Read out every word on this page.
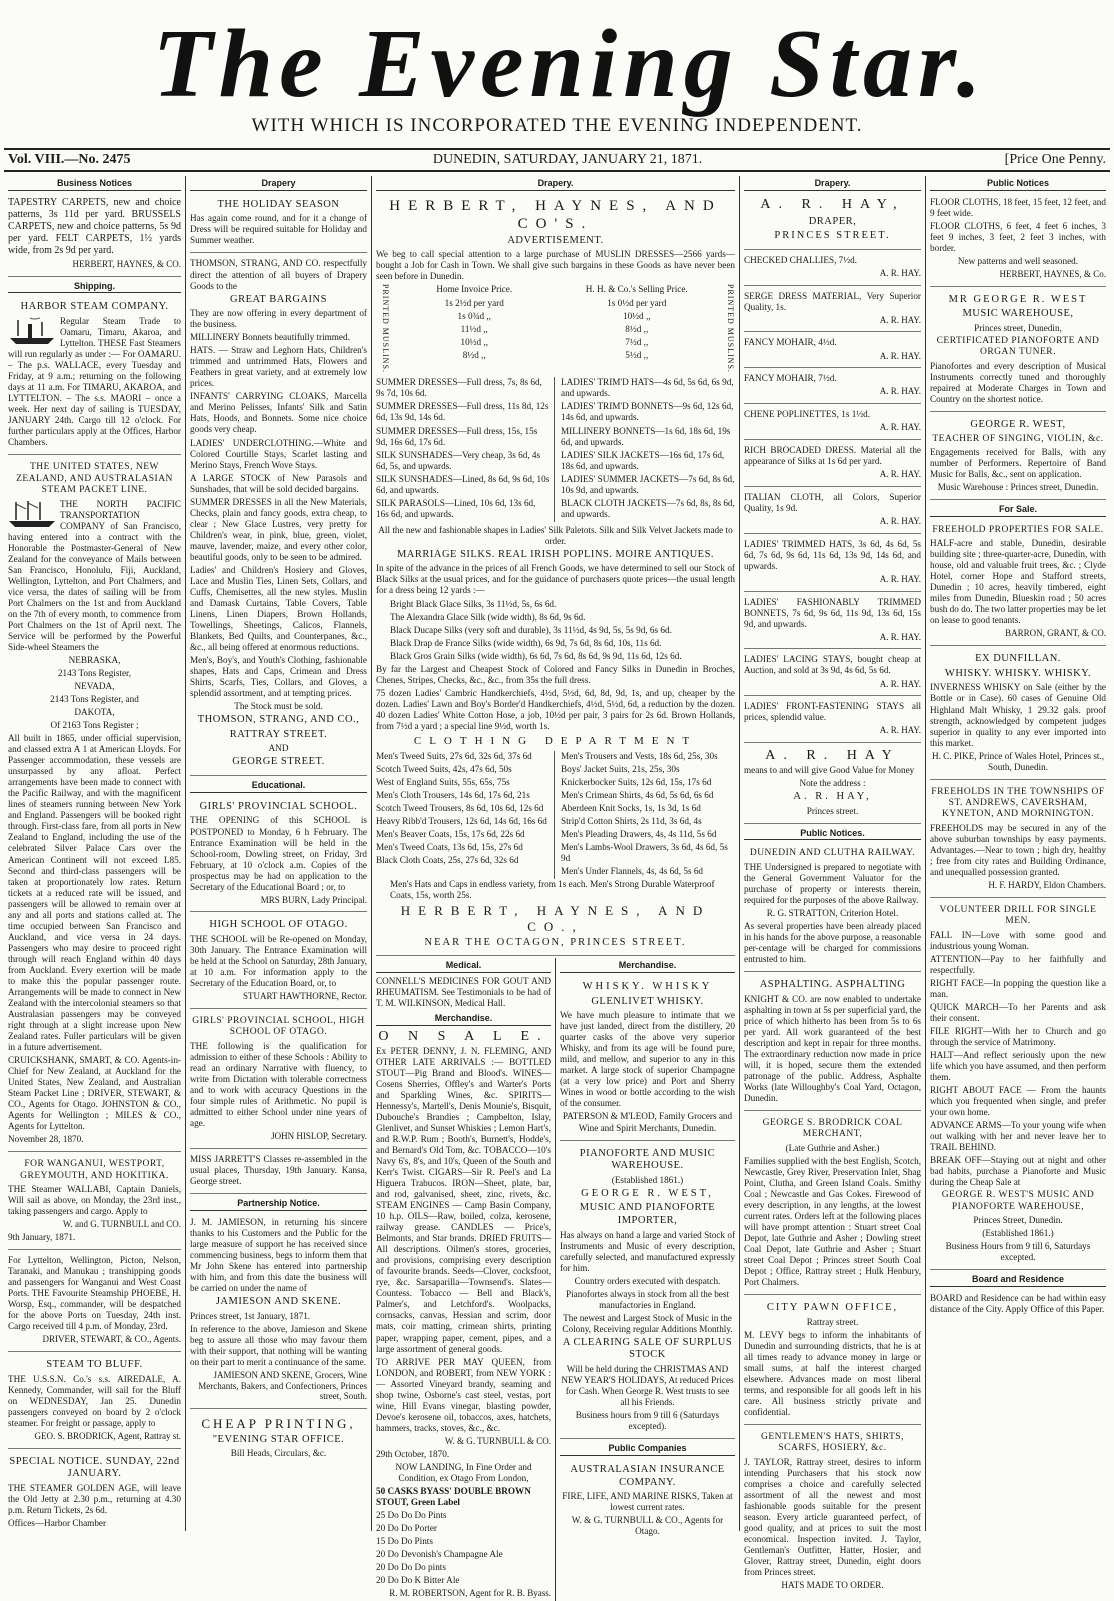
The Evening Star.
WITH WHICH IS INCORPORATED THE EVENING INDEPENDENT.
Vol. VIII.—No. 2475	DUNEDIN, SATURDAY, JANUARY 21, 1871.	[Price One Penny.
Business Notices

TAPESTRY CARPETS, new and choice patterns, 3s 11d per yard. BRUSSELS CARPETS, new and choice patterns, 5s 9d per yard. FELT CARPETS, 1½ yards wide, from 2s 9d per yard.

HERBERT, HAYNES, & CO.

Shipping.
HARBOR STEAM COMPANY.

Regular Steam Trade to Oamaru, Timaru, Akaroa, and Lyttelton. THESE Fast Steamers will run regularly as under :— For OAMARU. – The p.s. WALLACE, every Tuesday and Friday, at 9 a.m.; returning on the following days at 11 a.m. For TIMARU, AKAROA, and LYTTELTON. – The s.s. MAORI – once a week. Her next day of sailing is TUESDAY, JANUARY 24th. Cargo till 12 o'clock. For further particulars apply at the Offices, Harbor Chambers.

THE UNITED STATES, NEW ZEALAND, AND AUSTRALASIAN STEAM PACKET LINE.

THE NORTH PACIFIC TRANSPORTATION COMPANY of San Francisco, having entered into a contract with the Honorable the Postmaster-General of New Zealand for the conveyance of Mails between San Francisco, Honolulu, Fiji, Auckland, Wellington, Lyttelton, and Port Chalmers, and vice versa, the dates of sailing will be from Port Chalmers on the 1st and from Auckland on the 7th of every month, to commence from Port Chalmers on the 1st of April next. The Service will be performed by the Powerful Side-wheel Steamers the

NEBRASKA,

2143 Tons Register,

NEVADA,

2143 Tons Register, and

DAKOTA,

Of 2163 Tons Register ;

All built in 1865, under official supervision, and classed extra A 1 at American Lloyds. For Passenger accommodation, these vessels are unsurpassed by any afloat. Perfect arrangements have been made to connect with the Pacific Railway, and with the magnificent lines of steamers running between New York and England. Passengers will be booked right through. First-class fare, from all ports in New Zealand to England, including the use of the celebrated Silver Palace Cars over the American Continent will not exceed L85. Second and third-class passengers will be taken at proportionately low rates. Return tickets at a reduced rate will be issued, and passengers will be allowed to remain over at any and all ports and stations called at. The time occupied between San Francisco and Auckland, and vice versa in 24 days. Passengers who may desire to proceed right through will reach England within 40 days from Auckland. Every exertion will be made to make this the popular passenger route. Arrangements will be made to connect in New Zealand with the intercolonial steamers so that Australasian passengers may be conveyed right through at a slight increase upon New Zealand rates. Fuller particulars will be given in a future advertisement.

CRUICKSHANK, SMART, & CO. Agents-in-Chief for New Zealand, at Auckland for the United States, New Zealand, and Australian Steam Packet Line ; DRIVER, STEWART, & CO., Agents for Otago. JOHNSTON & CO., Agents for Wellington ; MILES & CO., Agents for Lyttelton.

November 28, 1870.

FOR WANGANUI, WESTPORT, GREYMOUTH, AND HOKITIKA.

THE Steamer WALLABI, Captain Daniels, Will sail as above, on Monday, the 23rd inst., taking passengers and cargo. Apply to

W. and G. TURNBULL and CO.

9th January, 1871.

For Lyttelton, Wellington, Picton, Nelson, Taranaki, and Manukau ; transhipping goods and passengers for Wanganui and West Coast Ports. THE Favourite Steamship PHOEBE, H. Worsp, Esq., commander, will be despatched for the above Ports on Tuesday, 24th inst. Cargo received till 4 p.m. of Monday, 23rd.

DRIVER, STEWART, & CO., Agents.

STEAM TO BLUFF.

THE U.S.S.N. Co.'s s.s. AIREDALE, A. Kennedy, Commander, will sail for the Bluff on WEDNESDAY, Jan 25. Dunedin passengers conveyed on board by 2 o'clock steamer. For freight or passage, apply to

GEO. S. BRODRICK, Agent, Rattray st.

SPECIAL NOTICE. SUNDAY, 22nd JANUARY.

THE STEAMER GOLDEN AGE, will leave the Old Jetty at 2.30 p.m., returning at 4.30 p.m. Return Tickets, 2s 6d.

Offices—Harbor Chamber

Drapery
THE HOLIDAY SEASON

Has again come round, and for it a change of Dress will be required suitable for Holiday and Summer weather.

THOMSON, STRANG, AND CO. respectfully direct the attention of all buyers of Drapery Goods to the

GREAT BARGAINS

They are now offering in every department of the business.

MILLINERY Bonnets beautifully trimmed.

HATS. — Straw and Leghorn Hats, Children's trimmed and untrimmed Hats, Flowers and Feathers in great variety, and at extremely low prices.

INFANTS' CARRYING CLOAKS, Marcella and Merino Pelisses, Infants' Silk and Satin Hats, Hoods, and Bonnets. Some nice choice goods very cheap.

LADIES' UNDERCLOTHING.—White and Colored Courtille Stays, Scarlet lasting and Merino Stays, French Wove Stays.

A LARGE STOCK of New Parasols and Sunshades, that will be sold decided bargains.

SUMMER DRESSES in all the New Materials, Checks, plain and fancy goods, extra cheap, to clear ; New Glace Lustres, very pretty for Children's wear, in pink, blue, green, violet, mauve, lavender, maize, and every other color, beautiful goods, only to be seen to be admired.

Ladies' and Children's Hosiery and Gloves, Lace and Muslin Ties, Linen Sets, Collars, and Cuffs, Chemisettes, all the new styles. Muslin and Damask Curtains, Table Covers, Table Linens, Linen Diapers, Brown Hollands, Towellings, Sheetings, Calicos, Flannels, Blankets, Bed Quilts, and Counterpanes, &c., &c., all being offered at enormous reductions.

Men's, Boy's, and Youth's Clothing, fashionable shapes, Hats and Caps, Crimean and Dress Shirts, Scarfs, Ties, Collars, and Gloves, a splendid assortment, and at tempting prices.

The Stock must be sold.

THOMSON, STRANG, AND CO.,
RATTRAY STREET.

AND

GEORGE STREET.
Educational.
GIRLS' PROVINCIAL SCHOOL.

THE OPENING of this SCHOOL is POSTPONED to Monday, 6 h February. The Entrance Examination will be held in the School-room, Dowling street, on Friday, 3rd February, at 10 o'clock a.m. Copies of the prospectus may be had on application to the Secretary of the Educational Board ; or, to

MRS BURN, Lady Principal.

HIGH SCHOOL OF OTAGO.

THE SCHOOL will be Re-opened on Monday, 30th January. The Entrance Examination will be held at the School on Saturday, 28th January, at 10 a.m. For information apply to the Secretary of the Education Board, or, to

STUART HAWTHORNE, Rector.

GIRLS' PROVINCIAL SCHOOL, HIGH SCHOOL OF OTAGO.

THE following is the qualification for admission to either of these Schools : Ability to read an ordinary Narrative with fluency, to write from Dictation with tolerable correctness and to work with accuracy Questions in the four simple rules of Arithmetic. No pupil is admitted to either School under nine years of age.

JOHN HISLOP, Secretary.

MISS JARRETT'S Classes re-assembled in the usual places, Thursday, 19th January. Kansa, George street.

Partnership Notice.

J. M. JAMIESON, in returning his sincere thanks to his Customers and the Public for the large measure of support he has received since commencing business, begs to inform them that Mr John Skene has entered into partnership with him, and from this date the business will be carried on under the name of

JAMIESON AND SKENE.

Princes street, 1st January, 1871.

In reference to the above, Jamieson and Skene beg to assure all those who may favour them with their support, that nothing will be wanting on their part to merit a continuance of the same.

JAMIESON AND SKENE, Grocers, Wine Merchants, Bakers, and Confectioners, Princes street, South.

CHEAP PRINTING,
"EVENING STAR OFFICE.

Bill Heads, Circulars, &c.

Drapery.
HERBERT, HAYNES, AND CO'S.
ADVERTISEMENT.

We beg to call special attention to a large purchase of MUSLIN DRESSES—2566 yards—bought a Job for Cash in Town. We shall give such bargains in these Goods as have never been seen before in Dunedin.

PRINTED MUSLINS.	Home Invoice Price.

1s 2½d per yard

1s 0¾d ,,

11½d ,,

10½d ,,

8½d ,,

H. H. & Co.'s Selling Price.

1s 0½d per yard

10½d ,,

8½d ,,

7½d ,,

5½d ,,	PRINTED MUSLINS.

SUMMER DRESSES—Full dress, 7s, 8s 6d, 9s 7d, 10s 6d.

SUMMER DRESSES—Full dress, 11s 8d, 12s 6d, 13s 9d, 14s 6d.

SUMMER DRESSES—Full dress, 15s, 15s 9d, 16s 6d, 17s 6d.

SILK SUNSHADES—Very cheap, 3s 6d, 4s 6d, 5s, and upwards.

SILK SUNSHADES—Lined, 8s 6d, 9s 6d, 10s 6d, and upwards.

SILK PARASOLS—Lined, 10s 6d, 13s 6d, 16s 6d, and upwards.

LADIES' TRIM'D HATS—4s 6d, 5s 6d, 6s 9d, and upwards.

LADIES' TRIM'D BONNETS—9s 6d, 12s 6d, 14s 6d, and upwards.

MILLINERY BONNETS—1s 6d, 18s 6d, 19s 6d, and upwards.

LADIES' SILK JACKETS—16s 6d, 17s 6d, 18s 6d, and upwards.

LADIES' SUMMER JACKETS—7s 6d, 8s 6d, 10s 9d, and upwards.

BLACK CLOTH JACKETS—7s 6d, 8s, 8s 6d, and upwards.

All the new and fashionable shapes in Ladies' Silk Paletots. Silk and Silk Velvet Jackets made to order.

MARRIAGE SILKS. REAL IRISH POPLINS. MOIRE ANTIQUES.

In spite of the advance in the prices of all French Goods, we have determined to sell our Stock of Black Silks at the usual prices, and for the guidance of purchasers quote prices—the usual length for a dress being 12 yards :—

Bright Black Glace Silks, 3s 11½d, 5s, 6s 6d.

The Alexandra Glace Silk (wide width), 8s 6d, 9s 6d.

Black Ducape Silks (very soft and durable), 3s 11½d, 4s 9d, 5s, 5s 9d, 6s 6d.

Black Drap de France Silks (wide width), 6s 9d, 7s 6d, 8s 6d, 10s, 11s 6d.

Black Gros Grain Silks (wide width), 6s 6d, 7s 6d, 8s 6d, 9s 9d, 11s 6d, 12s 6d.

By far the Largest and Cheapest Stock of Colored and Fancy Silks in Dunedin in Broches, Chenes, Stripes, Checks, &c., &c., from 35s the full dress.

75 dozen Ladies' Cambric Handkerchiefs, 4½d, 5½d, 6d, 8d, 9d, 1s, and up, cheaper by the dozen. Ladies' Lawn and Boy's Border'd Handkerchiefs, 4½d, 5½d, 6d, a reduction by the dozen. 40 dozen Ladies' White Cotton Hose, a job, 10½d per pair, 3 pairs for 2s 6d. Brown Hollands, from 7½d a yard ; a special line 9½d, worth 1s.

CLOTHING DEPARTMENT

Men's Tweed Suits, 27s 6d, 32s 6d, 37s 6d

Scotch Tweed Suits, 42s, 47s 6d, 50s

West of England Suits, 55s, 65s, 75s

Men's Cloth Trousers, 14s 6d, 17s 6d, 21s

Scotch Tweed Trousers, 8s 6d, 10s 6d, 12s 6d

Heavy Ribb'd Trousers, 12s 6d, 14s 6d, 16s 6d

Men's Beaver Coats, 15s, 17s 6d, 22s 6d

Men's Tweed Coats, 13s 6d, 15s, 27s 6d

Black Cloth Coats, 25s, 27s 6d, 32s 6d

Men's Trousers and Vests, 18s 6d, 25s, 30s

Boys' Jacket Suits, 21s, 25s, 30s

Knickerbocker Suits, 12s 6d, 15s, 17s 6d

Men's Crimean Shirts, 4s 6d, 5s 6d, 6s 6d

Aberdeen Knit Socks, 1s, 1s 3d, 1s 6d

Strip'd Cotton Shirts, 2s 11d, 3s 6d, 4s

Men's Pleading Drawers, 4s, 4s 11d, 5s 6d

Men's Lambs-Wool Drawers, 3s 6d, 4s 6d, 5s 9d

Men's Under Flannels, 4s, 4s 6d, 5s 6d

Men's Hats and Caps in endless variety, from 1s each. Men's Strong Durable Waterproof Coats, 15s, worth 25s.

HERBERT, HAYNES, AND CO.,
NEAR THE OCTAGON, PRINCES STREET.
Medical.

CONNELL'S MEDICINES FOR GOUT AND RHEUMATISM. See Testimonials to be had of T. M. WILKINSON, Medical Hall.

Merchandise.
O N S A L E.

Ex PETER DENNY, J. N. FLEMING, AND OTHER LATE ARRIVALS :— BOTTLED STOUT—Pig Brand and Blood's. WINES—Cosens Sherries, Offley's and Warter's Ports and Sparkling Wines, &c. SPIRITS—Hennessy's, Martell's, Denis Mounie's, Bisquit, Dubouche's Brandies ; Campbelton, Islay, Glenlivet, and Sunset Whiskies ; Lemon Hart's, and R.W.P. Rum ; Booth's, Burnett's, Hodde's, and Bernard's Old Tom, &c. TOBACCO—10's Navy 6's, 8's, and 10's, Queen of the South and Kerr's Twist. CIGARS—Sir R. Peel's and La Higuera Trabucos. IRON—Sheet, plate, bar, and rod, galvanised, sheet, zinc, rivets, &c. STEAM ENGINES — Camp Basin Company, 10 h.p. OILS—Raw, boiled, colza, kerosene, railway grease. CANDLES — Price's, Belmonts, and Star brands. DRIED FRUITS—All descriptions. Oilmen's stores, groceries, and provisions, comprising every description of favourite brands. Seeds—Clover, cocksfoot, rye, &c. Sarsaparilla—Townsend's. Slates—Countess. Tobacco — Bell and Black's, Palmer's, and Letchford's. Woolpacks, cornsacks, canvas, Hessian and scrim, door mats, coir matting, crimean shirts, printing paper, wrapping paper, cement, pipes, and a large assortment of general goods.

TO ARRIVE PER MAY QUEEN, from LONDON, and ROBERT, from NEW YORK :— Assorted Vineyard brandy, seaming and shop twine, Osborne's cast steel, vestas, port wine, Hill Evans vinegar, blasting powder, Devoe's kerosene oil, tobaccos, axes, hatchets, hammers, tracks, stoves, &c., &c.

W. & G. TURNBULL & CO.

29th October, 1870.

NOW LANDING, In Fine Order and Condition, ex Otago From London,

50 CASKS BYASS' DOUBLE BROWN STOUT, Green Label

25 Do Do Do Pints

20 Do Do Porter

15 Do Do Pints

20 Do Devonish's Champagne Ale

20 Do Do Do pints

20 Do Do K Bitter Ale

R. M. ROBERTSON, Agent for R. B. Byass.

Merchandise.
WHISKY. WHISKY
GLENLIVET WHISKY.

We have much pleasure to intimate that we have just landed, direct from the distillery, 20 quarter casks of the above very superior Whisky, and from its age will be found pure, mild, and mellow, and superior to any in this market. A large stock of superior Champagne (at a very low price) and Port and Sherry Wines in wood or bottle according to the wish of the consumer.

PATERSON & M'LEOD, Family Grocers and Wine and Spirit Merchants, Dunedin.

PIANOFORTE AND MUSIC WAREHOUSE.

(Established 1861.)

GEORGE R. WEST,
MUSIC AND PIANOFORTE IMPORTER,

Has always on hand a large and varied Stock of Instruments and Music of every description, carefully selected, and manufactured expressly for him.

Country orders executed with despatch.

Pianofortes always in stock from all the best manufactories in England.

The newest and Largest Stock of Music in the Colony, Receiving regular Additions Monthly.

A CLEARING SALE OF SURPLUS STOCK

Will be held during the CHRISTMAS AND NEW YEAR'S HOLIDAYS, At reduced Prices for Cash. When George R. West trusts to see all his Friends.

Business hours from 9 till 6 (Saturdays excepted).

Public Companies
AUSTRALASIAN INSURANCE COMPANY.

FIRE, LIFE, AND MARINE RISKS, Taken at lowest current rates.

W. & G. TURNBULL & CO., Agents for Otago.

Drapery.
A. R. HAY,
DRAPER,
PRINCES STREET.

CHECKED CHALLIES, 7½d.

A. R. HAY.

SERGE DRESS MATERIAL, Very Superior Quality, 1s.

A. R. HAY.

FANCY MOHAIR, 4½d.

A. R. HAY.

FANCY MOHAIR, 7½d.

A. R. HAY.

CHENE POPLINETTES, 1s 1½d.

A. R. HAY.

RICH BROCADED DRESS. Material all the appearance of Silks at 1s 6d per yard.

A. R. HAY.

ITALIAN CLOTH, all Colors, Superior Quality, 1s 9d.

A. R. HAY.

LADIES' TRIMMED HATS, 3s 6d, 4s 6d, 5s 6d, 7s 6d, 9s 6d, 11s 6d, 13s 9d, 14s 6d, and upwards.

A. R. HAY.

LADIES' FASHIONABLY TRIMMED BONNETS, 7s 6d, 9s 6d, 11s 9d, 13s 6d, 15s 9d, and upwards.

A. R. HAY.

LADIES' LACING STAYS, bought cheap at Auction, and sold at 3s 9d, 4s 6d, 5s 6d.

A. R. HAY.

LADIES' FRONT-FASTENING STAYS all prices, splendid value.

A. R. HAY.

A. R. HAY

means to and will give Good Value for Money

Note the address :

A. R. HAY,

Princes street.

Public Notices.
DUNEDIN AND CLUTHA RAILWAY.

THE Undersigned is prepared to negotiate with the General Government Valuator for the purchase of property or interests therein, required for the purposes of the above Railway.

R. G. STRATTON, Criterion Hotel.

As several properties have been already placed in his hands for the above purpose, a reasonable per-centage will be charged for commissions entrusted to him.

ASPHALTING. ASPHALTING

KNIGHT & CO. are now enabled to undertake asphalting in town at 5s per superficial yard, the price of which hitherto has been from 5s to 6s per yard. All work guaranteed of the best description and kept in repair for three months. The extraordinary reduction now made in price will, it is hoped, secure them the extended patronage of the public. Address, Asphalte Works (late Willoughby's Coal Yard, Octagon, Dunedin.

GEORGE S. BRODRICK COAL MERCHANT,

(Late Guthrie and Asher.)

Families supplied with the best English, Scotch, Newcastle, Grey River, Preservation Inlet, Shag Point, Clutha, and Green Island Coals. Smithy Coal ; Newcastle and Gas Cokes. Firewood of every description, in any lengths, at the lowest current rates. Orders left at the following places will have prompt attention : Stuart street Coal Depot, late Guthrie and Asher ; Dowling street Coal Depot, late Guthrie and Asher ; Stuart street Coal Depot ; Princes street South Coal Depot ; Office, Rattray street ; Hulk Henbury, Port Chalmers.

CITY PAWN OFFICE,

Rattray street.

M. LEVY begs to inform the inhabitants of Dunedin and surrounding districts, that he is at all times ready to advance money in large or small sums, at half the interest charged elsewhere. Advances made on most liberal terms, and responsible for all goods left in his care. All business strictly private and confidential.

GENTLEMEN'S HATS, SHIRTS, SCARFS, HOSIERY, &c.

J. TAYLOR, Rattray street, desires to inform intending Purchasers that his stock now comprises a choice and carefully selected assortment of all the newest and most fashionable goods suitable for the present season. Every article guaranteed perfect, of good quality, and at prices to suit the most economical. Inspection invited. J. Taylor, Gentleman's Outfitter, Hatter, Hosier, and Glover, Rattray street, Dunedin, eight doors from Princes street.

HATS MADE TO ORDER.

Public Notices

FLOOR CLOTHS, 18 feet, 15 feet, 12 feet, and 9 feet wide.

FLOOR CLOTHS, 6 feet, 4 feet 6 inches, 3 feet 9 inches, 3 feet, 2 feet 3 inches, with border.

New patterns and well seasoned.

HERBERT, HAYNES, & Co.

MR GEORGE R. WEST
MUSIC WAREHOUSE,

Princes street, Dunedin,

CERTIFICATED PIANOFORTE AND ORGAN TUNER.

Pianofortes and every description of Musical Instruments correctly tuned and thoroughly repaired at Moderate Charges in Town and Country on the shortest notice.

GEORGE R. WEST,
TEACHER OF SINGING, VIOLIN, &c.

Engagements received for Balls, with any number of Performers. Repertoire of Band Music for Balls, &c., sent on application.

Music Warehouse : Princes street, Dunedin.

For Sale.
FREEHOLD PROPERTIES FOR SALE.

HALF-acre and stable, Dunedin, desirable building site ; three-quarter-acre, Dunedin, with house, old and valuable fruit trees, &c. ; Clyde Hotel, corner Hope and Stafford streets, Dunedin ; 10 acres, heavily timbered, eight miles from Dunedin, Blueskin road ; 50 acres bush do do. The two latter properties may be let on lease to good tenants.

BARRON, GRANT, & CO.

EX DUNFILLAN.
WHISKY. WHISKY. WHISKY.

INVERNESS WHISKY on Sale (either by the Bottle or in Case). 60 cases of Genuine Old Highland Malt Whisky, 1 29.32 gals. proof strength, acknowledged by competent judges superior in quality to any ever imported into this market.

H. C. PIKE, Prince of Wales Hotel, Princes st., South, Dunedin.

FREEHOLDS IN THE TOWNSHIPS OF ST. ANDREWS, CAVERSHAM, KYNETON, AND MORNINGTON.

FREEHOLDS may be secured in any of the above suburban townships by easy payments. Advantages.—Near to town ; high dry, healthy ; free from city rates and Building Ordinance, and unequalled possession granted.

H. F. HARDY, Eldon Chambers.

VOLUNTEER DRILL FOR SINGLE MEN.

FALL IN—Love with some good and industrious young Woman.

ATTENTION—Pay to her faithfully and respectfully.

RIGHT FACE—In popping the question like a man.

QUICK MARCH—To her Parents and ask their consent.

FILE RIGHT—With her to Church and go through the service of Matrimony.

HALT—And reflect seriously upon the new life which you have assumed, and then perform them.

RIGHT ABOUT FACE — From the haunts which you frequented when single, and prefer your own home.

ADVANCE ARMS—To your young wife when out walking with her and never leave her to TRAIL BEHIND.

BREAK OFF—Staying out at night and other bad habits, purchase a Pianoforte and Music during the Cheap Sale at

GEORGE R. WEST'S MUSIC AND PIANOFORTE WAREHOUSE,

Princes Street, Dunedin.

(Established 1861.)

Business Hours from 9 till 6, Saturdays excepted.

Board and Residence

BOARD and Residence can be had within easy distance of the City. Apply Office of this Paper.
